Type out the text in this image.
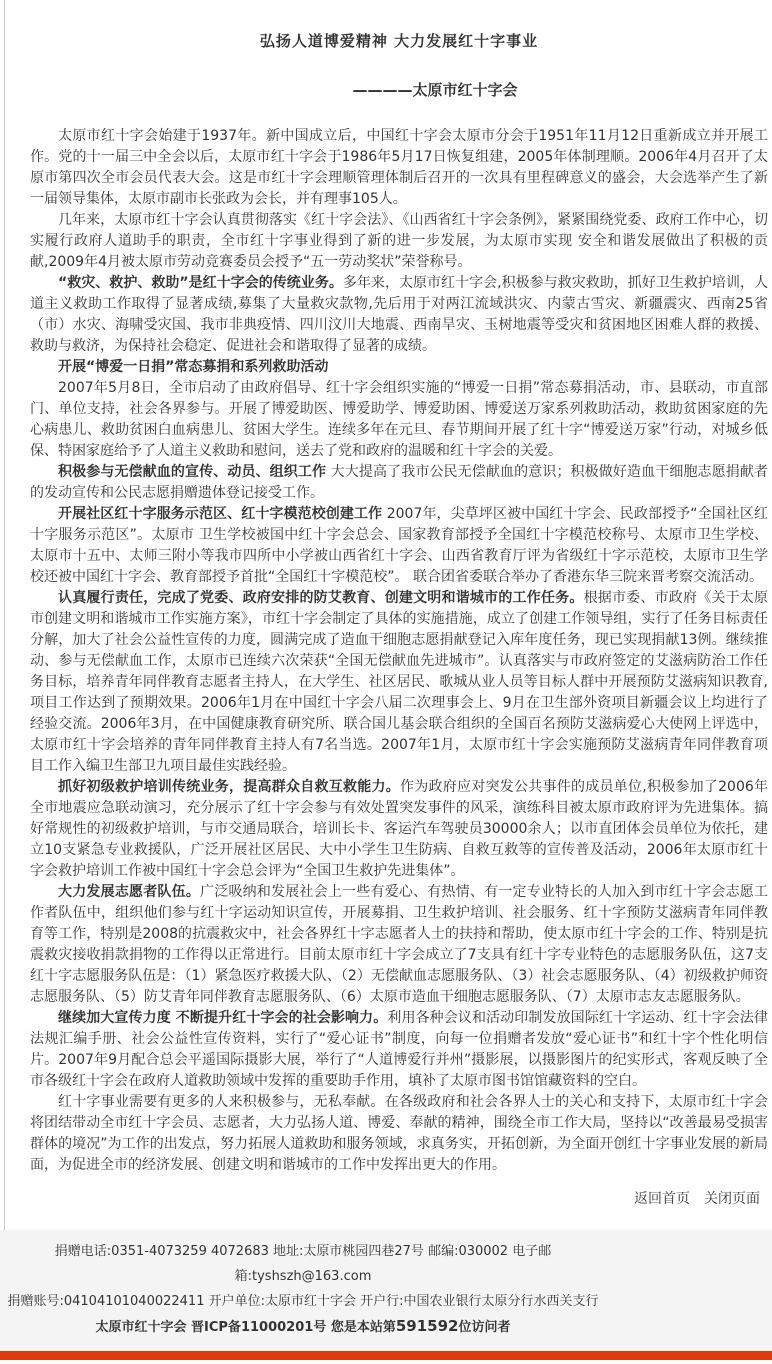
弘扬人道博爱精神 大力发展红十字事业
————太原市红十字会

太原市红十字会始建于1937年。新中国成立后，中国红十字会太原市分会于1951年11月12日重新成立并开展工作。党的十一届三中全会以后，太原市红十字会于1986年5月17日恢复组建，2005年体制理顺。2006年4月召开了太原市第四次全市会员代表大会。这是市红十字会理顺管理体制后召开的一次具有里程碑意义的盛会，大会选举产生了新一届领导集体，太原市副市长张政为会长，并有理事105人。

几年来，太原市红十字会认真贯彻落实《红十字会法》、《山西省红十字会条例》，紧紧围绕党委、政府工作中心，切实履行政府人道助手的职责，全市红十字事业得到了新的进一步发展，为太原市实现 安全和谐发展做出了积极的贡献,2009年4月被太原市劳动竞赛委员会授予“五一劳动奖状”荣誉称号。

“救灾、救护、救助”是红十字会的传统业务。多年来，太原市红十字会,积极参与救灾救助，抓好卫生救护培训，人道主义救助工作取得了显著成绩,募集了大量救灾款物,先后用于对两江流域洪灾、内蒙古雪灾、新疆震灾、西南25省（市）水灾、海啸受灾国、我市非典疫情、四川汶川大地震、西南旱灾、玉树地震等受灾和贫困地区困难人群的救援、救助与救济，为保持社会稳定、促进社会和谐取得了显著的成绩。

开展“博爱一日捐”常态募捐和系列救助活动

2007年5月8日，全市启动了由政府倡导、红十字会组织实施的“博爱一日捐”常态募捐活动，市、县联动，市直部门、单位支持，社会各界参与。开展了博爱助医、博爱助学、博爱助困、博爱送万家系列救助活动，救助贫困家庭的先心病患儿、救助贫困白血病患儿、贫困大学生。连续多年在元旦、春节期间开展了红十字“博爱送万家”行动，对城乡低保、特困家庭给予了人道主义救助和慰问，送去了党和政府的温暖和红十字会的关爱。

积极参与无偿献血的宣传、动员、组织工作 大大提高了我市公民无偿献血的意识；积极做好造血干细胞志愿捐献者的发动宣传和公民志愿捐赠遗体登记接受工作。

开展社区红十字服务示范区、红十字模范校创建工作 2007年，尖草坪区被中国红十字会、民政部授予“全国社区红十字服务示范区”。太原市 卫生学校被国中红十字会总会、国家教育部授予全国红十字模范校称号、太原市卫生学校、太原市十五中、太师三附小等我市四所中小学被山西省红十字会、山西省教育厅评为省级红十字示范校，太原市卫生学校还被中国红十字会、教育部授予首批“全国红十字模范校”。 联合团省委联合举办了香港东华三院来晋考察交流活动。

认真履行责任，完成了党委、政府安排的防艾教育、创建文明和谐城市的工作任务。根据市委、市政府《关于太原市创建文明和谐城市工作实施方案》，市红十字会制定了具体的实施措施，成立了创建工作领导组，实行了任务目标责任分解，加大了社会公益性宣传的力度，圆满完成了造血干细胞志愿捐献登记入库年度任务，现已实现捐献13例。继续推动、参与无偿献血工作，太原市已连续六次荣获“全国无偿献血先进城市”。认真落实与市政府签定的艾滋病防治工作任务目标，培养青年同伴教育志愿者主持人，在大学生、社区居民、歌城从业人员等目标人群中开展预防艾滋病知识教育,项目工作达到了预期效果。2006年1月在中国红十字会八届二次理事会上、9月在卫生部外资项目新疆会议上均进行了经验交流。2006年3月，在中国健康教育研究所、联合国儿基会联合组织的全国百名预防艾滋病爱心大使网上评选中，太原市红十字会培养的青年同伴教育主持人有7名当选。2007年1月，太原市红十字会实施预防艾滋病青年同伴教育项目工作入编卫生部卫九项目最佳实践经验。

抓好初级救护培训传统业务，提高群众自救互救能力。作为政府应对突发公共事件的成员单位,积极参加了2006年全市地震应急联动演习，充分展示了红十字会参与有效处置突发事件的风采，演练科目被太原市政府评为先进集体。搞好常规性的初级救护培训，与市交通局联合，培训长卡、客运汽车驾驶员30000余人；以市直团体会员单位为依托，建立10支紧急专业救援队，广泛开展社区居民、大中小学生卫生防病、自救互救等的宣传普及活动，2006年太原市红十字会救护培训工作被中国红十字会总会评为“全国卫生救护先进集体”。

大力发展志愿者队伍。广泛吸纳和发展社会上一些有爱心、有热情、有一定专业特长的人加入到市红十字会志愿工作者队伍中，组织他们参与红十字运动知识宣传，开展募捐、卫生救护培训、社会服务、红十字预防艾滋病青年同伴教育等工作，特别是2008的抗震救灾中，社会各界红十字志愿者人士的扶持和帮助，使太原市红十字会的工作、特别是抗震救灾接收捐款捐物的工作得以正常进行。目前太原市红十字会成立了7支具有红十字专业特色的志愿服务队伍，这7支红十字志愿服务队伍是：（1）紧急医疗救援大队、（2）无偿献血志愿服务队、（3）社会志愿服务队、（4）初级救护师资志愿服务队、（5）防艾青年同伴教育志愿服务队、（6）太原市造血干细胞志愿服务队、（7）太原市志友志愿服务队。

继续加大宣传力度 不断提升红十字会的社会影响力。利用各种会议和活动印制发放国际红十字运动、红十字会法律法规汇编手册、社会公益性宣传资料，实行了“爱心证书”制度，向每一位捐赠者发放“爱心证书”和红十字个性化明信片。2007年9月配合总会平遥国际摄影大展，举行了“人道博爱行并州”摄影展，以摄影图片的纪实形式，客观反映了全市各级红十字会在政府人道救助领域中发挥的重要助手作用，填补了太原市图书馆馆藏资料的空白。

红十字事业需要有更多的人来积极参与，无私奉献。在各级政府和社会各界人士的关心和支持下，太原市红十字会将团结带动全市红十字会员、志愿者，大力弘扬人道、博爱、奉献的精神，围绕全市工作大局，坚持以“改善最易受损害群体的境况”为工作的出发点，努力拓展人道救助和服务领域，求真务实，开拓创新，为全面开创红十字事业发展的新局面，为促进全市的经济发展、创建文明和谐城市的工作中发挥出更大的作用。

返回首页 关闭页面
捐赠电话:0351-4073259 4072683 地址:太原市桃园四巷27号 邮编:030002 电子邮箱:tyshszh@163.com
捐赠账号:04104101040022411 开户单位:太原市红十字会 开户行:中国农业银行太原分行水西关支行
太原市红十字会 晋ICP备11000201号 您是本站第591592位访问者
